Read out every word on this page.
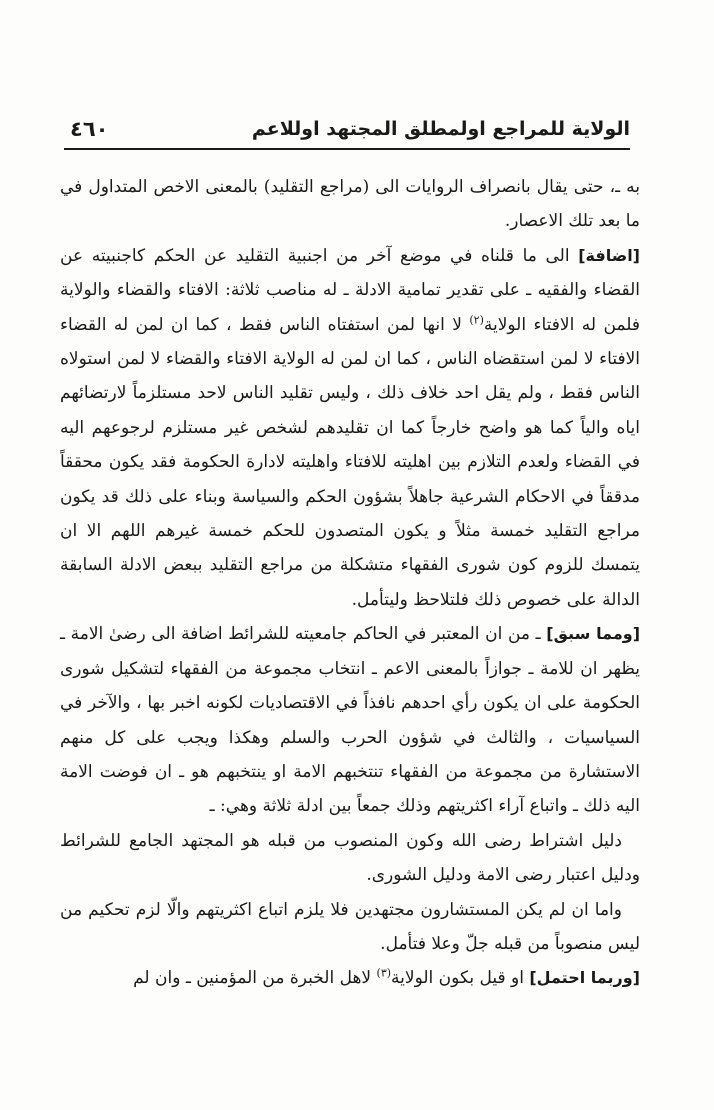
الولاية للمراجع اولمطلق المجتهد اوللاعم
٤٦٠

به ـ، حتى يقال بانصراف الروايات الى (مراجع التقليد) بالمعنى الاخص المتداول في ما بعد تلك الاعصار.

[اضافة] الى ما قلناه في موضع آخر من اجنبية التقليد عن الحكم كاجنبيته عن القضاء والفقيه ـ على تقدير تمامية الادلة ـ له مناصب ثلاثة: الافتاء والقضاء والولاية فلمن له الافتاء الولاية$^{(٢)}$ لا انها لمن استفتاه الناس فقط ، كما ان لمن له القضاء الافتاء لا لمن استقضاه الناس ، كما ان لمن له الولاية الافتاء والقضاء لا لمن استولاه الناس فقط ، ولم يقل احد خلاف ذلك ، وليس تقليد الناس لاحد مستلزماً لارتضائهم اياه والياً كما هو واضح خارجاً كما ان تقليدهم لشخص غير مستلزم لرجوعهم اليه في القضاء ولعدم التلازم بين اهليته للافتاء واهليته لادارة الحكومة فقد يكون محققاً مدققاً في الاحكام الشرعية جاهلاً بشؤون الحكم والسياسة وبناء على ذلك قد يكون مراجع التقليد خمسة مثلاً و يكون المتصدون للحكم خمسة غيرهم اللهم الا ان يتمسك للزوم كون شورى الفقهاء متشكلة من مراجع التقليد ببعض الادلة السابقة الدالة على خصوص ذلك فلتلاحظ وليتأمل.

[ومما سبق] ـ من ان المعتبر في الحاكم جامعيته للشرائط اضافة الى رضىٰ الامة ـ يظهر ان للامة ـ جوازاً بالمعنى الاعم ـ انتخاب مجموعة من الفقهاء لتشكيل شورى الحكومة على ان يكون رأي احدهم نافذاً في الاقتصاديات لكونه اخبر بها ، والآخر في السياسيات ، والثالث في شؤون الحرب والسلم وهكذا ويجب على كل منهم الاستشارة من مجموعة من الفقهاء تنتخبهم الامة او ينتخبهم هو ـ ان فوضت الامة اليه ذلك ـ واتباع آراء اكثريتهم وذلك جمعاً بين ادلة ثلاثة وهي: ـ

دليل اشتراط رضى الله وكون المنصوب من قبله هو المجتهد الجامع للشرائط ودليل اعتبار رضى الامة ودليل الشورى.

واما ان لم يكن المستشارون مجتهدين فلا يلزم اتباع اكثريتهم والّا لزم تحكيم من ليس منصوباً من قبله جلّ وعلا فتأمل.

[وربما احتمل] او قيل بكون الولاية$^{(٣)}$ لاهل الخبرة من المؤمنين ـ وان لم
